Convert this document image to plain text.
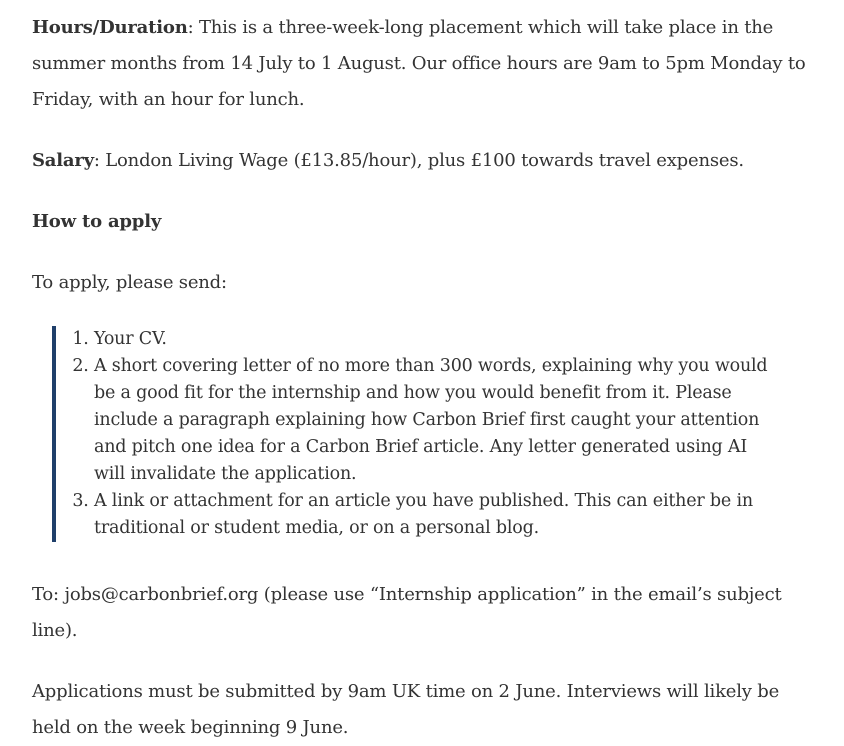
Hours/Duration: This is a three-week-long placement which will take place in the summer months from 14 July to 1 August. Our office hours are 9am to 5pm Monday to Friday, with an hour for lunch.

Salary: London Living Wage (£13.85/hour), plus £100 towards travel expenses.

How to apply

To apply, please send:

1. Your CV.
2. A short covering letter of no more than 300 words, explaining why you would be a good fit for the internship and how you would benefit from it. Please include a paragraph explaining how Carbon Brief first caught your attention and pitch one idea for a Carbon Brief article. Any letter generated using AI will invalidate the application.
3. A link or attachment for an article you have published. This can either be in traditional or student media, or on a personal blog.

To: jobs@carbonbrief.org (please use “Internship application” in the email’s subject line).

Applications must be submitted by 9am UK time on 2 June. Interviews will likely be held on the week beginning 9 June.
